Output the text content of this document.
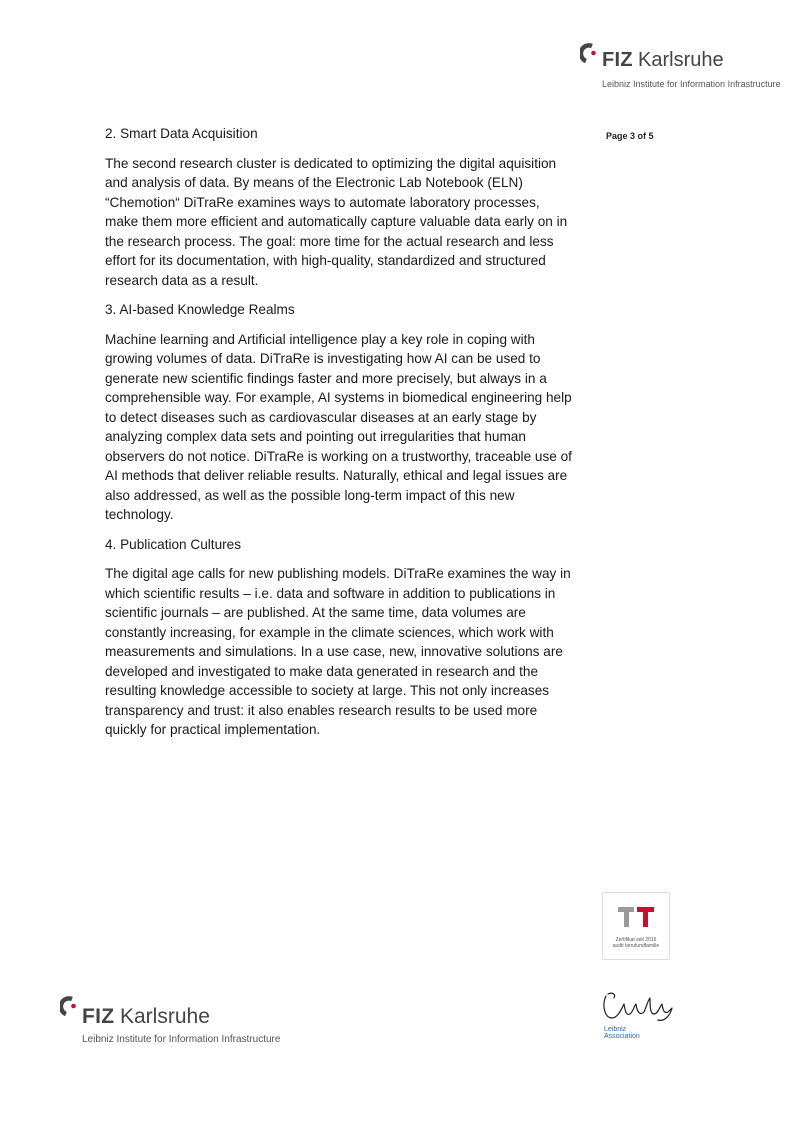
FIZ Karlsruhe
Leibniz Institute for Information Infrastructure
Page 3 of 5

2. Smart Data Acquisition

The second research cluster is dedicated to optimizing the digital aquisition and analysis of data. By means of the Electronic Lab Notebook (ELN) “Chemotion“ DiTraRe examines ways to automate laboratory processes, make them more efficient and automatically capture valuable data early on in the research process. The goal: more time for the actual research and less effort for its documentation, with high-quality, standardized and structured research data as a result.

3. AI-based Knowledge Realms

Machine learning and Artificial intelligence play a key role in coping with growing volumes of data. DiTraRe is investigating how AI can be used to generate new scientific findings faster and more precisely, but always in a comprehensible way. For example, AI systems in biomedical engineering help to detect diseases such as cardiovascular diseases at an early stage by analyzing complex data sets and pointing out irregularities that human observers do not notice. DiTraRe is working on a trustworthy, traceable use of AI methods that deliver reliable results. Naturally, ethical and legal issues are also addressed, as well as the possible long-term impact of this new technology.

4. Publication Cultures

The digital age calls for new publishing models. DiTraRe examines the way in which scientific results – i.e. data and software in addition to publications in scientific journals – are published. At the same time, data volumes are constantly increasing, for example in the climate sciences, which work with measurements and simulations. In a use case, new, innovative solutions are developed and investigated to make data generated in research and the resulting knowledge accessible to society at large. This not only increases transparency and trust: it also enables research results to be used more quickly for practical implementation.

Zertifikat seit 2016
audit berufundfamilie
FIZ Karlsruhe
Leibniz Institute for Information Infrastructure
Leibniz
Association
